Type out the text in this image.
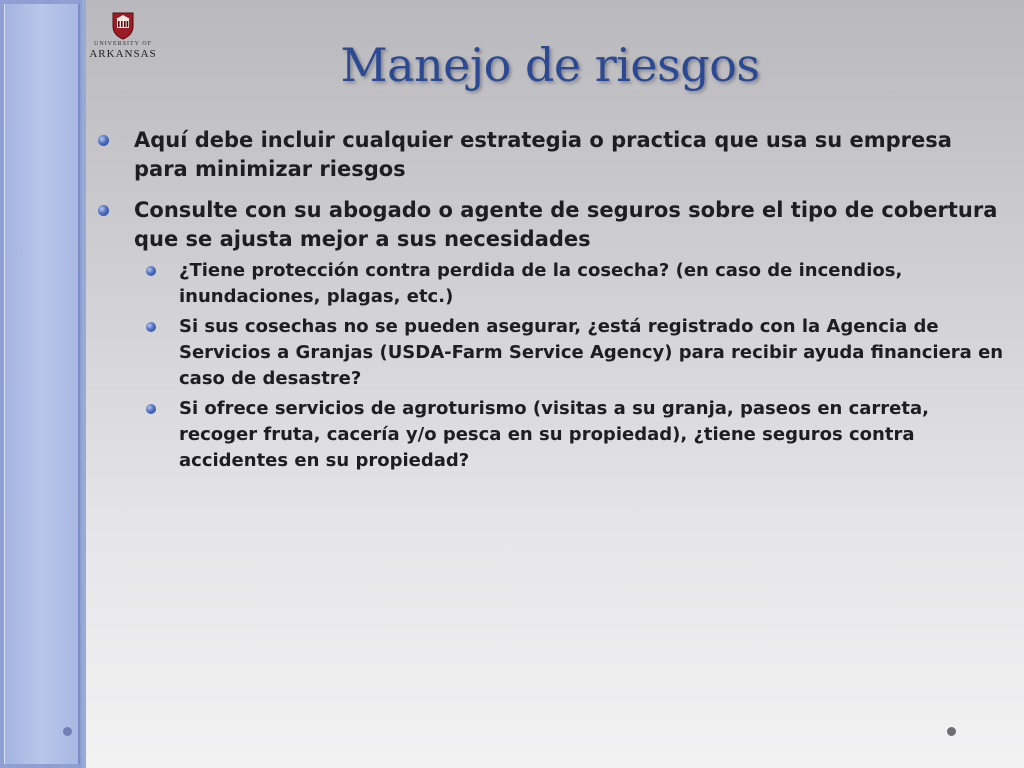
UNIVERSITY OF
ARKANSAS	Manejo de riesgos
Aquí debe incluir cualquier estrategia o practica que usa su empresa para minimizar riesgos
Consulte con su abogado o agente de seguros sobre el tipo de cobertura que se ajusta mejor a sus necesidades
¿Tiene protección contra perdida de la cosecha? (en caso de incendios, inundaciones, plagas, etc.)
Si sus cosechas no se pueden asegurar, ¿está registrado con la Agencia de Servicios a Granjas (USDA-Farm Service Agency) para recibir ayuda financiera en caso de desastre?
Si ofrece servicios de agroturismo (visitas a su granja, paseos en carreta, recoger fruta, cacería y/o pesca en su propiedad), ¿tiene seguros contra accidentes en su propiedad?
